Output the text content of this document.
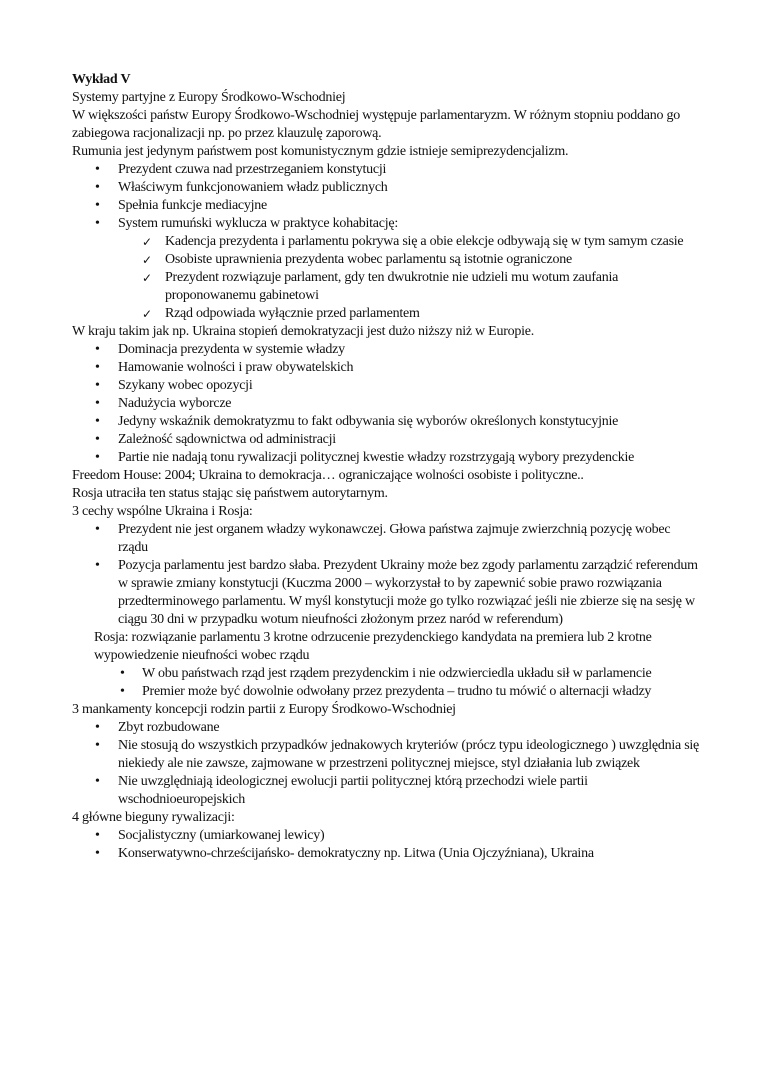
Wykład V

Systemy partyjne z Europy Środkowo-Wschodniej

W większości państw Europy Środkowo-Wschodniej występuje parlamentaryzm. W różnym stopniu poddano go zabiegowa racjonalizacji np. po przez klauzulę zaporową.

Rumunia jest jedynym państwem post komunistycznym gdzie istnieje semiprezydencjalizm.

• Prezydent czuwa nad przestrzeganiem konstytucji
• Właściwym funkcjonowaniem władz publicznych
• Spełnia funkcje mediacyjne
• System rumuński wyklucza w praktyce kohabitację:
✓ Kadencja prezydenta i parlamentu pokrywa się a obie elekcje odbywają się w tym samym czasie
✓ Osobiste uprawnienia prezydenta wobec parlamentu są istotnie ograniczone
✓ Prezydent rozwiązuje parlament, gdy ten dwukrotnie nie udzieli mu wotum zaufania proponowanemu gabinetowi
✓ Rząd odpowiada wyłącznie przed parlamentem

W kraju takim jak np. Ukraina stopień demokratyzacji jest dużo niższy niż w Europie.

• Dominacja prezydenta w systemie władzy
• Hamowanie wolności i praw obywatelskich
• Szykany wobec opozycji
• Nadużycia wyborcze
• Jedyny wskaźnik demokratyzmu to fakt odbywania się wyborów określonych konstytucyjnie
• Zależność sądownictwa od administracji
• Partie nie nadają tonu rywalizacji politycznej kwestie władzy rozstrzygają wybory prezydenckie

Freedom House: 2004; Ukraina to demokracja… ograniczające wolności osobiste i polityczne..

Rosja utraciła ten status stając się państwem autorytarnym.

3 cechy wspólne Ukraina i Rosja:

• Prezydent nie jest organem władzy wykonawczej. Głowa państwa zajmuje zwierzchnią pozycję wobec rządu
• Pozycja parlamentu jest bardzo słaba. Prezydent Ukrainy może bez zgody parlamentu zarządzić referendum w sprawie zmiany konstytucji (Kuczma 2000 – wykorzystał to by zapewnić sobie prawo rozwiązania przedterminowego parlamentu. W myśl konstytucji może go tylko rozwiązać jeśli nie zbierze się na sesję w ciągu 30 dni w przypadku wotum nieufności złożonym przez naród w referendum)

Rosja: rozwiązanie parlamentu 3 krotne odrzucenie prezydenckiego kandydata na premiera lub 2 krotne wypowiedzenie nieufności wobec rządu

• W obu państwach rząd jest rządem prezydenckim i nie odzwierciedla układu sił w parlamencie
• Premier może być dowolnie odwołany przez prezydenta – trudno tu mówić o alternacji władzy

3 mankamenty koncepcji rodzin partii z Europy Środkowo-Wschodniej

• Zbyt rozbudowane
• Nie stosują do wszystkich przypadków jednakowych kryteriów (prócz typu ideologicznego ) uwzględnia się niekiedy ale nie zawsze, zajmowane w przestrzeni politycznej miejsce, styl działania lub związek
• Nie uwzględniają ideologicznej ewolucji partii politycznej którą przechodzi wiele partii wschodnioeuropejskich

4 główne bieguny rywalizacji:

• Socjalistyczny (umiarkowanej lewicy)
• Konserwatywno-chrześcijańsko- demokratyczny np. Litwa (Unia Ojczyźniana), Ukraina
